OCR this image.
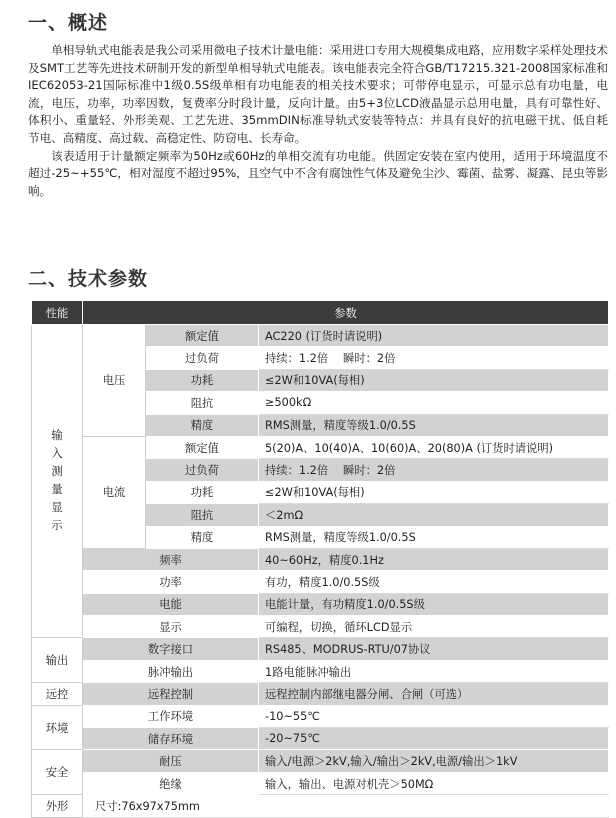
一、概述

单相导轨式电能表是我公司采用微电子技术计量电能：采用进口专用大规模集成电路，应用数字采样处理技术及SMT工艺等先进技术研制开发的新型单相导轨式电能表。该电能表完全符合GB/T17215.321-2008国家标准和IEC62053-21国际标准中1级0.5S级单相有功电能表的相关技术要求；可带停电显示，可显示总有功电量，电流，电压，功率，功率因数，复费率分时段计量，反向计量。由5+3位LCD液晶显示总用电量，具有可靠性好、体积小、重量轻、外形美观、工艺先进、35mmDIN标准导轨式安装等特点：并具有良好的抗电磁干扰、低自耗节电、高精度、高过载、高稳定性、防窃电、长寿命。

该表适用于计量额定频率为50Hz或60Hz的单相交流有功电能。供固定安装在室内使用，适用于环境温度不超过-25~+55℃，相对湿度不超过95%，且空气中不含有腐蚀性气体及避免尘沙、霉菌、盐雾、凝露、昆虫等影响。

二、技术参数
性能	参数		
输入测量显示	电压	额定值	AC220 (订货时请说明)
		过负荷	持续：1.2倍　 瞬时：2倍
		功耗	≤2W和10VA(每相)
		阻抗	≥500kΩ
		精度	RMS测量，精度等级1.0/0.5S
	电流	额定值	5(20)A、10(40)A、10(60)A、20(80)A (订货时请说明)
		过负荷	持续：1.2倍　 瞬时：2倍
		功耗	≤2W和10VA(每相)
		阻抗	＜2mΩ
		精度	RMS测量，精度等级1.0/0.5S
	频率		40~60Hz，精度0.1Hz
	功率		有功，精度1.0/0.5S级
	电能		电能计量，有功精度1.0/0.5S级
	显示		可编程，切换，循环LCD显示
输出	数字接口		RS485、MODRUS-RTU/07协议
	脉冲输出		1路电能脉冲输出
远控	远程控制		远程控制内部继电器分闸、合闸（可选）
环境	工作环境		-10~55℃
	储存环境		-20~75℃
安全	耐压		输入/电源＞2kV,输入/输出＞2kV,电源/输出＞1kV
	绝缘		输入，输出、电源对机壳＞50MΩ
外形	尺寸:76x97x75mm		
